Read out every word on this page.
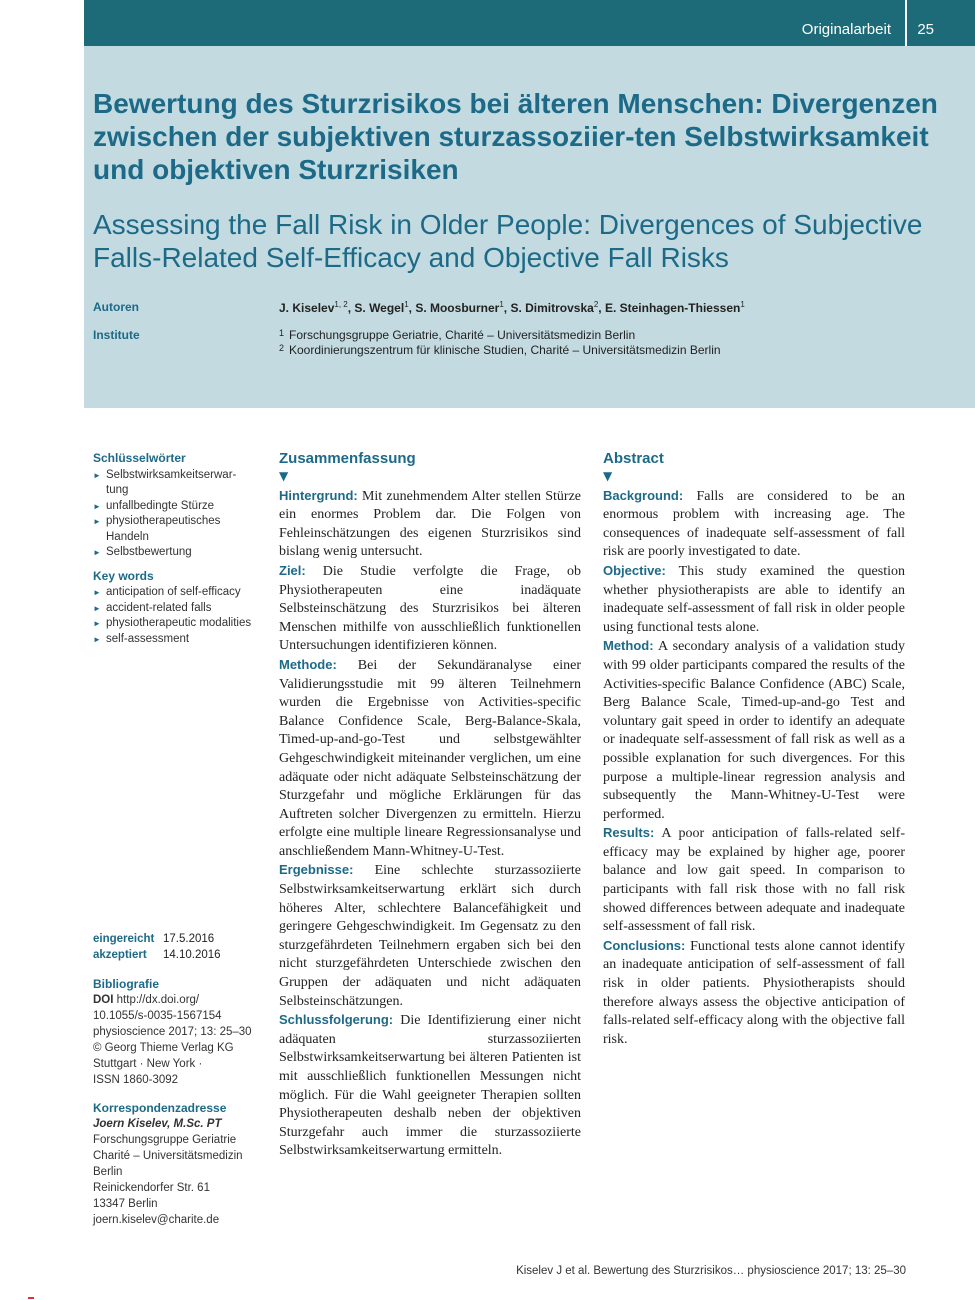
Originalarbeit 25
Bewertung des Sturzrisikos bei älteren Menschen: Divergenzen zwischen der subjektiven sturzassoziier-ten Selbstwirksamkeit und objektiven Sturzrisiken
Assessing the Fall Risk in Older People: Divergences of Subjective Falls-Related Self-Efficacy and Objective Fall Risks
Autoren	J. Kiselev$^{1, 2}$, S. Wegel$^1$, S. Moosburner$^1$, S. Dimitrovska$^2$, E. Steinhagen-Thiessen$^1$
Institute	1 Forschungsgruppe Geriatrie, Charité – Universitätsmedizin Berlin
2 Koordinierungszentrum für klinische Studien, Charité – Universitätsmedizin Berlin
Schlüsselwörter
► Selbstwirksamkeitserwar-tung
► unfallbedingte Stürze
► physiotherapeutisches Handeln
► Selbstbewertung
Key words
► anticipation of self-efficacy
► accident-related falls
► physiotherapeutic modalities
► self-assessment
eingereicht 17.5.2016
akzeptiert 14.10.2016
Bibliografie
DOI http://dx.doi.org/
10.1055/s-0035-1567154
physioscience 2017; 13: 25–30
© Georg Thieme Verlag KG
Stuttgart · New York ·
ISSN 1860-3092
Korrespondenzadresse
Joern Kiselev, M.Sc. PT
Forschungsgruppe Geriatrie
Charité – Universitätsmedizin
Berlin
Reinickendorfer Str. 61
13347 Berlin
joern.kiselev@charite.de
Zusammenfassung
▼

Hintergrund: Mit zunehmendem Alter stellen Stürze ein enormes Problem dar. Die Folgen von Fehleinschätzungen des eigenen Sturzrisikos sind bislang wenig untersucht.

Ziel: Die Studie verfolgte die Frage, ob Physiotherapeuten eine inadäquate Selbsteinschätzung des Sturzrisikos bei älteren Menschen mithilfe von ausschließlich funktionellen Untersuchungen identifizieren können.

Methode: Bei der Sekundäranalyse einer Validierungsstudie mit 99 älteren Teilnehmern wurden die Ergebnisse von Activities-specific Balance Confidence Scale, Berg-Balance-Skala, Timed-up-and-go-Test und selbstgewählter Gehgeschwindigkeit miteinander verglichen, um eine adäquate oder nicht adäquate Selbsteinschätzung der Sturzgefahr und mögliche Erklärungen für das Auftreten solcher Divergenzen zu ermitteln. Hierzu erfolgte eine multiple lineare Regressionsanalyse und anschließendem Mann-Whitney-U-Test.

Ergebnisse: Eine schlechte sturzassoziierte Selbstwirksamkeitserwartung erklärt sich durch höheres Alter, schlechtere Balancefähigkeit und geringere Gehgeschwindigkeit. Im Gegensatz zu den sturzgefährdeten Teilnehmern ergaben sich bei den nicht sturzgefährdeten Unterschiede zwischen den Gruppen der adäquaten und nicht adäquaten Selbsteinschätzungen.

Schlussfolgerung: Die Identifizierung einer nicht adäquaten sturzassoziierten Selbstwirksamkeitserwartung bei älteren Patienten ist mit ausschließlich funktionellen Messungen nicht möglich. Für die Wahl geeigneter Therapien sollten Physiotherapeuten deshalb neben der objektiven Sturzgefahr auch immer die sturzassoziierte Selbstwirksamkeitserwartung ermitteln.

Abstract
▼

Background: Falls are considered to be an enormous problem with increasing age. The consequences of inadequate self-assessment of fall risk are poorly investigated to date.

Objective: This study examined the question whether physiotherapists are able to identify an inadequate self-assessment of fall risk in older people using functional tests alone.

Method: A secondary analysis of a validation study with 99 older participants compared the results of the Activities-specific Balance Confidence (ABC) Scale, Berg Balance Scale, Timed-up-and-go Test and voluntary gait speed in order to identify an adequate or inadequate self-assessment of fall risk as well as a possible explanation for such divergences. For this purpose a multiple-linear regression analysis and subsequently the Mann-Whitney-U-Test were performed.

Results: A poor anticipation of falls-related self-efficacy may be explained by higher age, poorer balance and low gait speed. In comparison to participants with fall risk those with no fall risk showed differences between adequate and inadequate self-assessment of fall risk.

Conclusions: Functional tests alone cannot identify an inadequate anticipation of self-assessment of fall risk in older patients. Physiotherapists should therefore always assess the objective anticipation of falls-related self-efficacy along with the objective fall risk.

Kiselev J et al. Bewertung des Sturzrisikos… physioscience 2017; 13: 25–30
